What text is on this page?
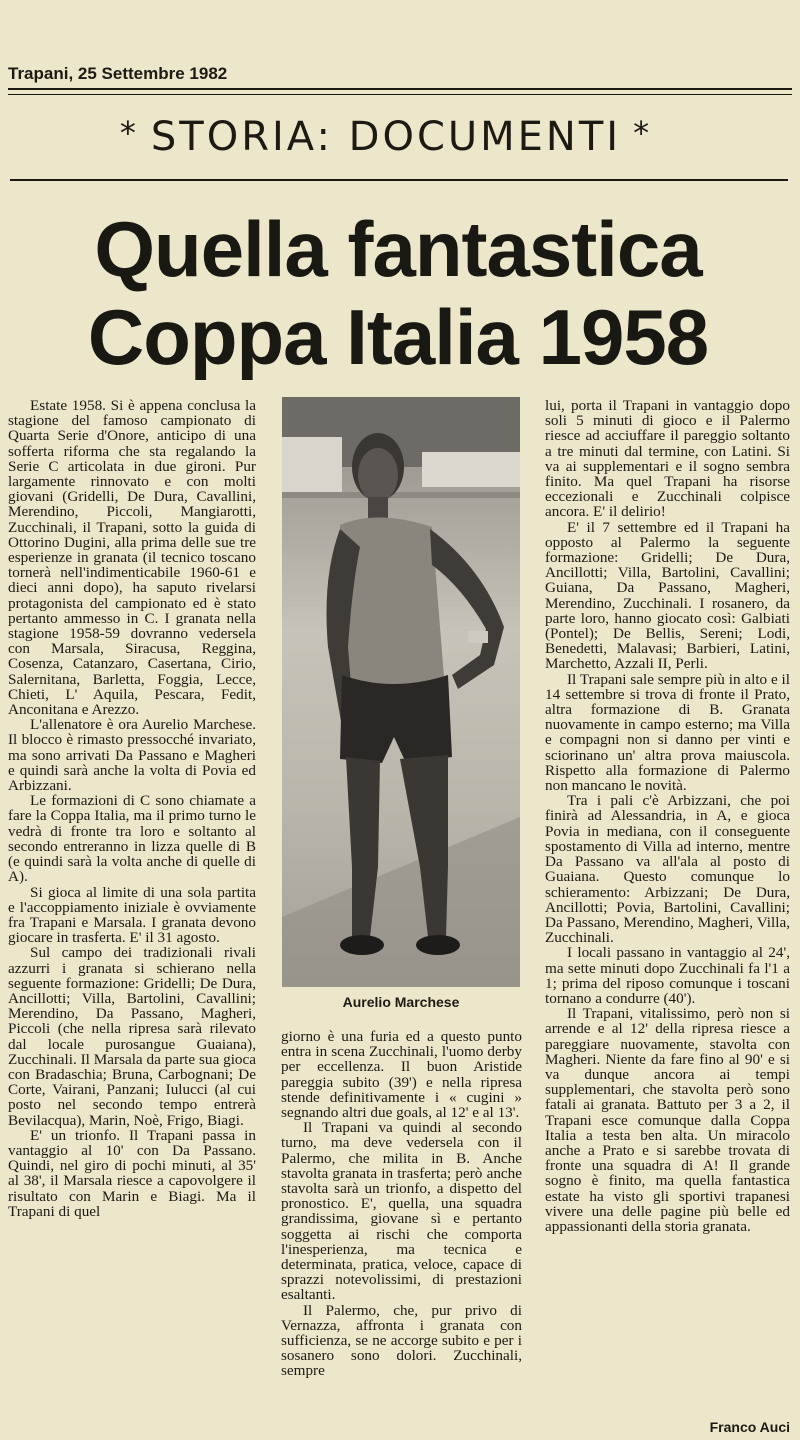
Trapani, 25 Settembre 1982
* STORIA: DOCUMENTI *
Quella fantastica
Coppa Italia 1958

Estate 1958. Si è appena conclusa la stagione del famoso campionato di Quarta Serie d'Onore, anticipo di una sofferta riforma che sta regalando la Serie C articolata in due gironi. Pur largamente rinnovato e con molti giovani (Gridelli, De Dura, Cavallini, Merendino, Piccoli, Mangiarotti, Zucchinali, il Trapani, sotto la guida di Ottorino Dugini, alla prima delle sue tre esperienze in granata (il tecnico toscano tornerà nell'indimenticabile 1960-61 e dieci anni dopo), ha saputo rivelarsi protagonista del campionato ed è stato pertanto ammesso in C. I granata nella stagione 1958-59 dovranno vedersela con Marsala, Siracusa, Reggina, Cosenza, Catanzaro, Casertana, Cirio, Salernitana, Barletta, Foggia, Lecce, Chieti, L' Aquila, Pescara, Fedit, Anconitana e Arezzo.

L'allenatore è ora Aurelio Marchese. Il blocco è rimasto pressocché invariato, ma sono arrivati Da Passano e Magheri e quindi sarà anche la volta di Povia ed Arbizzani.

Le formazioni di C sono chiamate a fare la Coppa Italia, ma il primo turno le vedrà di fronte tra loro e soltanto al secondo entreranno in lizza quelle di B (e quindi sarà la volta anche di quelle di A).

Si gioca al limite di una sola partita e l'accoppiamento iniziale è ovviamente fra Trapani e Marsala. I granata devono giocare in trasferta. E' il 31 agosto.

Sul campo dei tradizionali rivali azzurri i granata si schierano nella seguente formazione: Gridelli; De Dura, Ancillotti; Villa, Bartolini, Cavallini; Merendino, Da Passano, Magheri, Piccoli (che nella ripresa sarà rilevato dal locale purosangue Guaiana), Zucchinali. Il Marsala da parte sua gioca con Bradaschia; Bruna, Carbognani; De Corte, Vairani, Panzani; Iulucci (al cui posto nel secondo tempo entrerà Bevilacqua), Marin, Noè, Frigo, Biagi.

E' un trionfo. Il Trapani passa in vantaggio al 10' con Da Passano. Quindi, nel giro di pochi minuti, al 35' al 38', il Marsala riesce a capovolgere il risultato con Marin e Biagi. Ma il Trapani di quel

Aurelio Marchese

giorno è una furia ed a questo punto entra in scena Zucchinali, l'uomo derby per eccellenza. Il buon Aristide pareggia subito (39') e nella ripresa stende definitivamente i « cugini » segnando altri due goals, al 12' e al 13'.

Il Trapani va quindi al secondo turno, ma deve vedersela con il Palermo, che milita in B. Anche stavolta granata in trasferta; però anche stavolta sarà un trionfo, a dispetto del pronostico. E', quella, una squadra grandissima, giovane sì e pertanto soggetta ai rischi che comporta l'inesperienza, ma tecnica e determinata, pratica, veloce, capace di sprazzi notevolissimi, di prestazioni esaltanti.

Il Palermo, che, pur privo di Vernazza, affronta i granata con sufficienza, se ne accorge subito e per i sosanero sono dolori. Zucchinali, sempre

lui, porta il Trapani in vantaggio dopo soli 5 minuti di gioco e il Palermo riesce ad acciuffare il pareggio soltanto a tre minuti dal termine, con Latini. Si va ai supplementari e il sogno sembra finito. Ma quel Trapani ha risorse eccezionali e Zucchinali colpisce ancora. E' il delirio!

E' il 7 settembre ed il Trapani ha opposto al Palermo la seguente formazione: Gridelli; De Dura, Ancillotti; Villa, Bartolini, Cavallini; Guiana, Da Passano, Magheri, Merendino, Zucchinali. I rosanero, da parte loro, hanno giocato così: Galbiati (Pontel); De Bellis, Sereni; Lodi, Benedetti, Malavasi; Barbieri, Latini, Marchetto, Azzali II, Perli.

Il Trapani sale sempre più in alto e il 14 settembre si trova di fronte il Prato, altra formazione di B. Granata nuovamente in campo esterno; ma Villa e compagni non si danno per vinti e sciorinano un' altra prova maiuscola. Rispetto alla formazione di Palermo non mancano le novità.

Tra i pali c'è Arbizzani, che poi finirà ad Alessandria, in A, e gioca Povia in mediana, con il conseguente spostamento di Villa ad interno, mentre Da Passano va all'ala al posto di Guaiana. Questo comunque lo schieramento: Arbizzani; De Dura, Ancillotti; Povia, Bartolini, Cavallini; Da Passano, Merendino, Magheri, Villa, Zucchinali.

I locali passano in vantaggio al 24', ma sette minuti dopo Zucchinali fa l'1 a 1; prima del riposo comunque i toscani tornano a condurre (40').

Il Trapani, vitalissimo, però non si arrende e al 12' della ripresa riesce a pareggiare nuovamente, stavolta con Magheri. Niente da fare fino al 90' e si va dunque ancora ai tempi supplementari, che stavolta però sono fatali ai granata. Battuto per 3 a 2, il Trapani esce comunque dalla Coppa Italia a testa ben alta. Un miracolo anche a Prato e si sarebbe trovata di fronte una squadra di A! Il grande sogno è finito, ma quella fantastica estate ha visto gli sportivi trapanesi vivere una delle pagine più belle ed appassionanti della storia granata.

Franco Auci
